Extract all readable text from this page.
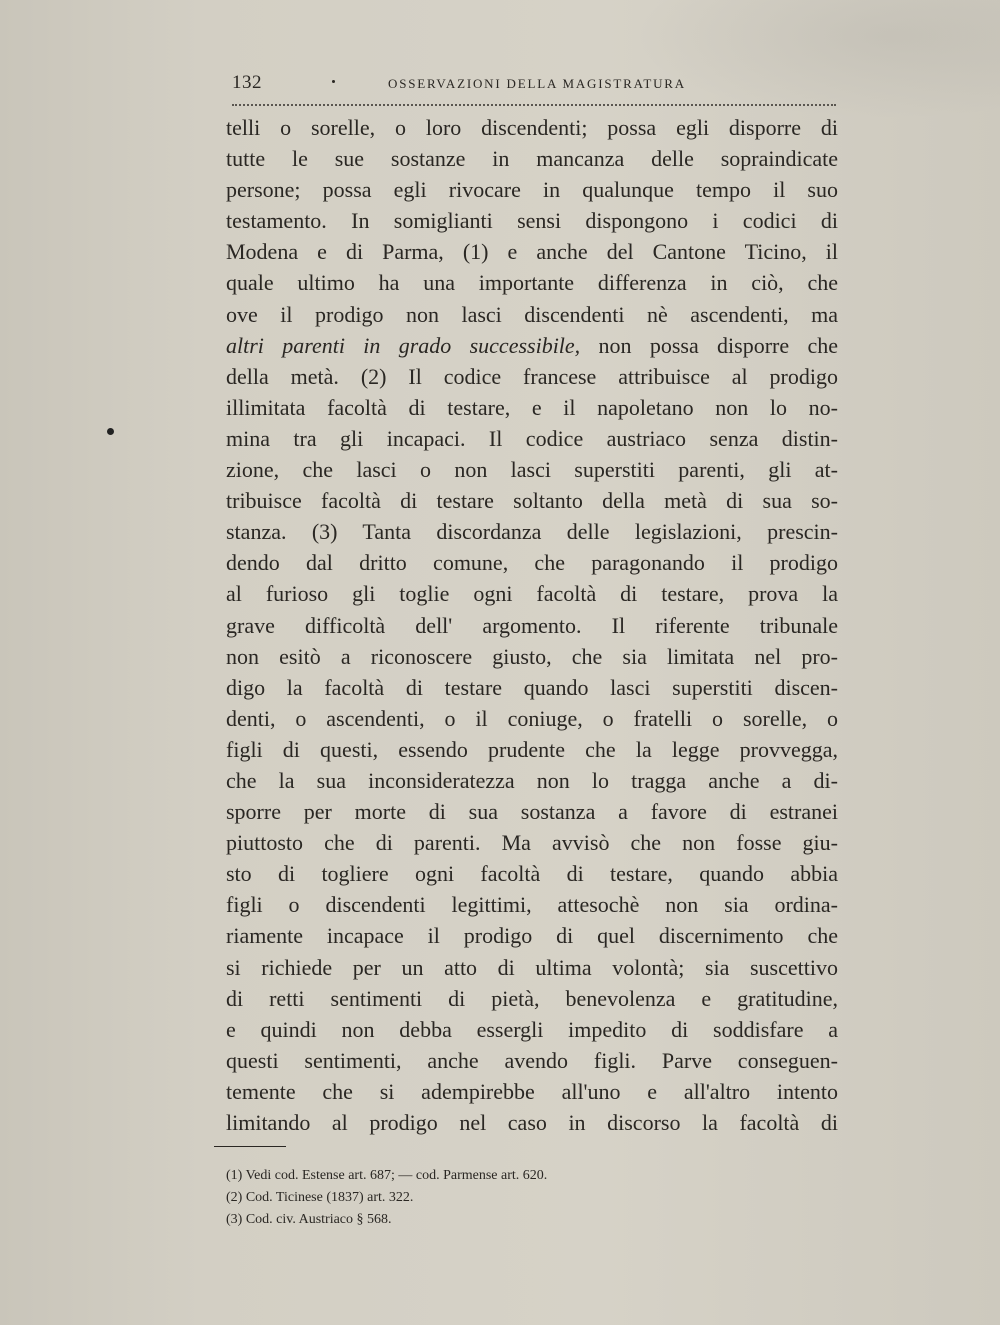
132	OSSERVAZIONI DELLA MAGISTRATURA
telli o sorelle, o loro discendenti; possa egli disporre di
tutte le sue sostanze in mancanza delle sopraindicate
persone; possa egli rivocare in qualunque tempo il suo
testamento. In somiglianti sensi dispongono i codici di
Modena e di Parma, (1) e anche del Cantone Ticino, il
quale ultimo ha una importante differenza in ciò, che
ove il prodigo non lasci discendenti nè ascendenti, ma
altri parenti in grado successibile, non possa disporre che
della metà. (2) Il codice francese attribuisce al prodigo
illimitata facoltà di testare, e il napoletano non lo no-
mina tra gli incapaci. Il codice austriaco senza distin-
zione, che lasci o non lasci superstiti parenti, gli at-
tribuisce facoltà di testare soltanto della metà di sua so-
stanza. (3) Tanta discordanza delle legislazioni, prescin-
dendo dal dritto comune, che paragonando il prodigo
al furioso gli toglie ogni facoltà di testare, prova la
grave difficoltà dell' argomento. Il riferente tribunale
non esitò a riconoscere giusto, che sia limitata nel pro-
digo la facoltà di testare quando lasci superstiti discen-
denti, o ascendenti, o il coniuge, o fratelli o sorelle, o
figli di questi, essendo prudente che la legge provvegga,
che la sua inconsideratezza non lo tragga anche a di-
sporre per morte di sua sostanza a favore di estranei
piuttosto che di parenti. Ma avvisò che non fosse giu-
sto di togliere ogni facoltà di testare, quando abbia
figli o discendenti legittimi, attesochè non sia ordina-
riamente incapace il prodigo di quel discernimento che
si richiede per un atto di ultima volontà; sia suscettivo
di retti sentimenti di pietà, benevolenza e gratitudine,
e quindi non debba essergli impedito di soddisfare a
questi sentimenti, anche avendo figli. Parve conseguen-
temente che si adempirebbe all'uno e all'altro intento
limitando al prodigo nel caso in discorso la facoltà di
(1) Vedi cod. Estense art. 687; — cod. Parmense art. 620.
(2) Cod. Ticinese (1837) art. 322.
(3) Cod. civ. Austriaco § 568.
